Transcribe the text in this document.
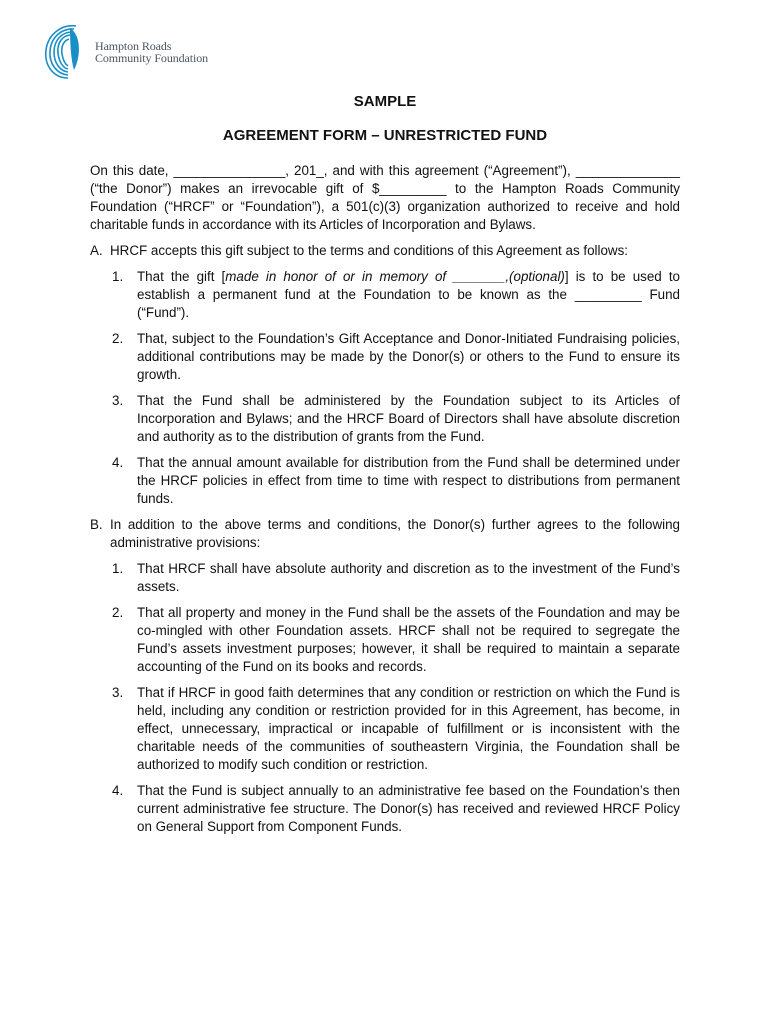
Hampton Roads
Community Foundation
SAMPLE
AGREEMENT FORM – UNRESTRICTED FUND

On this date, _______________, 201_, and with this agreement (“Agreement”), ______________ (“the Donor”) makes an irrevocable gift of $_________ to the Hampton Roads Community Foundation (“HRCF” or “Foundation”), a 501(c)(3) organization authorized to receive and hold charitable funds in accordance with its Articles of Incorporation and Bylaws.

A. HRCF accepts this gift subject to the terms and conditions of this Agreement as follows:
1.	That the gift [made in honor of or in memory of _______,(optional)] is to be used to establish a permanent fund at the Foundation to be known as the _________ Fund (“Fund”).
2.	That, subject to the Foundation’s Gift Acceptance and Donor-Initiated Fundraising policies, additional contributions may be made by the Donor(s) or others to the Fund to ensure its growth.
3.	That the Fund shall be administered by the Foundation subject to its Articles of Incorporation and Bylaws; and the HRCF Board of Directors shall have absolute discretion and authority as to the distribution of grants from the Fund.
4.	That the annual amount available for distribution from the Fund shall be determined under the HRCF policies in effect from time to time with respect to distributions from permanent funds.
B. In addition to the above terms and conditions, the Donor(s) further agrees to the following administrative provisions:
1.	That HRCF shall have absolute authority and discretion as to the investment of the Fund’s assets.
2.	That all property and money in the Fund shall be the assets of the Foundation and may be co-mingled with other Foundation assets. HRCF shall not be required to segregate the Fund’s assets investment purposes; however, it shall be required to maintain a separate accounting of the Fund on its books and records.
3.	That if HRCF in good faith determines that any condition or restriction on which the Fund is held, including any condition or restriction provided for in this Agreement, has become, in effect, unnecessary, impractical or incapable of fulfillment or is inconsistent with the charitable needs of the communities of southeastern Virginia, the Foundation shall be authorized to modify such condition or restriction.
4.	That the Fund is subject annually to an administrative fee based on the Foundation’s then current administrative fee structure. The Donor(s) has received and reviewed HRCF Policy on General Support from Component Funds.
